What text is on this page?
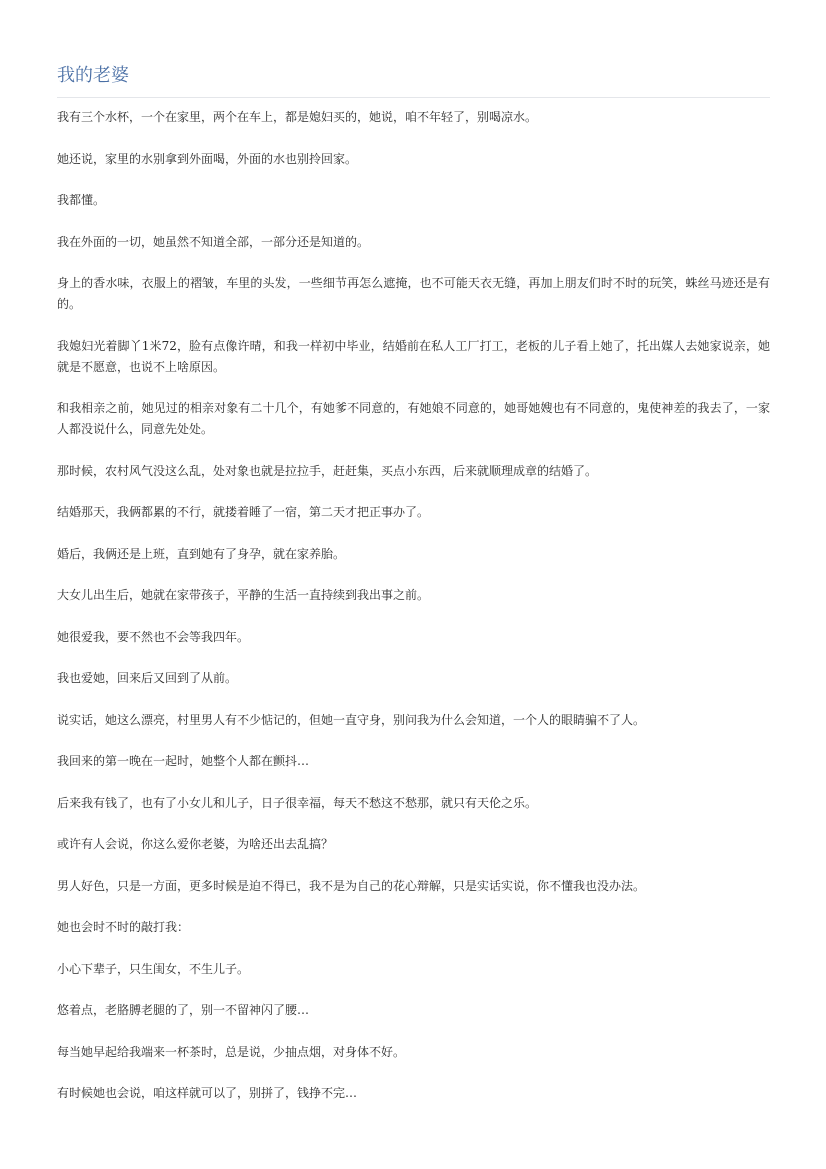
我的老婆

我有三个水杯，一个在家里，两个在车上，都是媳妇买的，她说，咱不年轻了，别喝凉水。

她还说，家里的水别拿到外面喝，外面的水也别拎回家。

我都懂。

我在外面的一切，她虽然不知道全部，一部分还是知道的。

身上的香水味，衣服上的褶皱，车里的头发，一些细节再怎么遮掩，也不可能天衣无缝，再加上朋友们时不时的玩笑，蛛丝马迹还是有的。

我媳妇光着脚丫1米72，脸有点像许晴，和我一样初中毕业，结婚前在私人工厂打工，老板的儿子看上她了，托出媒人去她家说亲，她就是不愿意，也说不上啥原因。

和我相亲之前，她见过的相亲对象有二十几个，有她爹不同意的，有她娘不同意的，她哥她嫂也有不同意的，鬼使神差的我去了，一家人都没说什么，同意先处处。

那时候，农村风气没这么乱，处对象也就是拉拉手，赶赶集，买点小东西，后来就顺理成章的结婚了。

结婚那天，我俩都累的不行，就搂着睡了一宿，第二天才把正事办了。

婚后，我俩还是上班，直到她有了身孕，就在家养胎。

大女儿出生后，她就在家带孩子，平静的生活一直持续到我出事之前。

她很爱我，要不然也不会等我四年。

我也爱她，回来后又回到了从前。

说实话，她这么漂亮，村里男人有不少惦记的，但她一直守身，别问我为什么会知道，一个人的眼睛骗不了人。

我回来的第一晚在一起时，她整个人都在颤抖…

后来我有钱了，也有了小女儿和儿子，日子很幸福，每天不愁这不愁那，就只有天伦之乐。

或许有人会说，你这么爱你老婆，为啥还出去乱搞？

男人好色，只是一方面，更多时候是迫不得已，我不是为自己的花心辩解，只是实话实说，你不懂我也没办法。

她也会时不时的敲打我：

小心下辈子，只生闺女，不生儿子。

悠着点，老胳膊老腿的了，别一不留神闪了腰…

每当她早起给我端来一杯茶时，总是说，少抽点烟，对身体不好。

有时候她也会说，咱这样就可以了，别拼了，钱挣不完…
